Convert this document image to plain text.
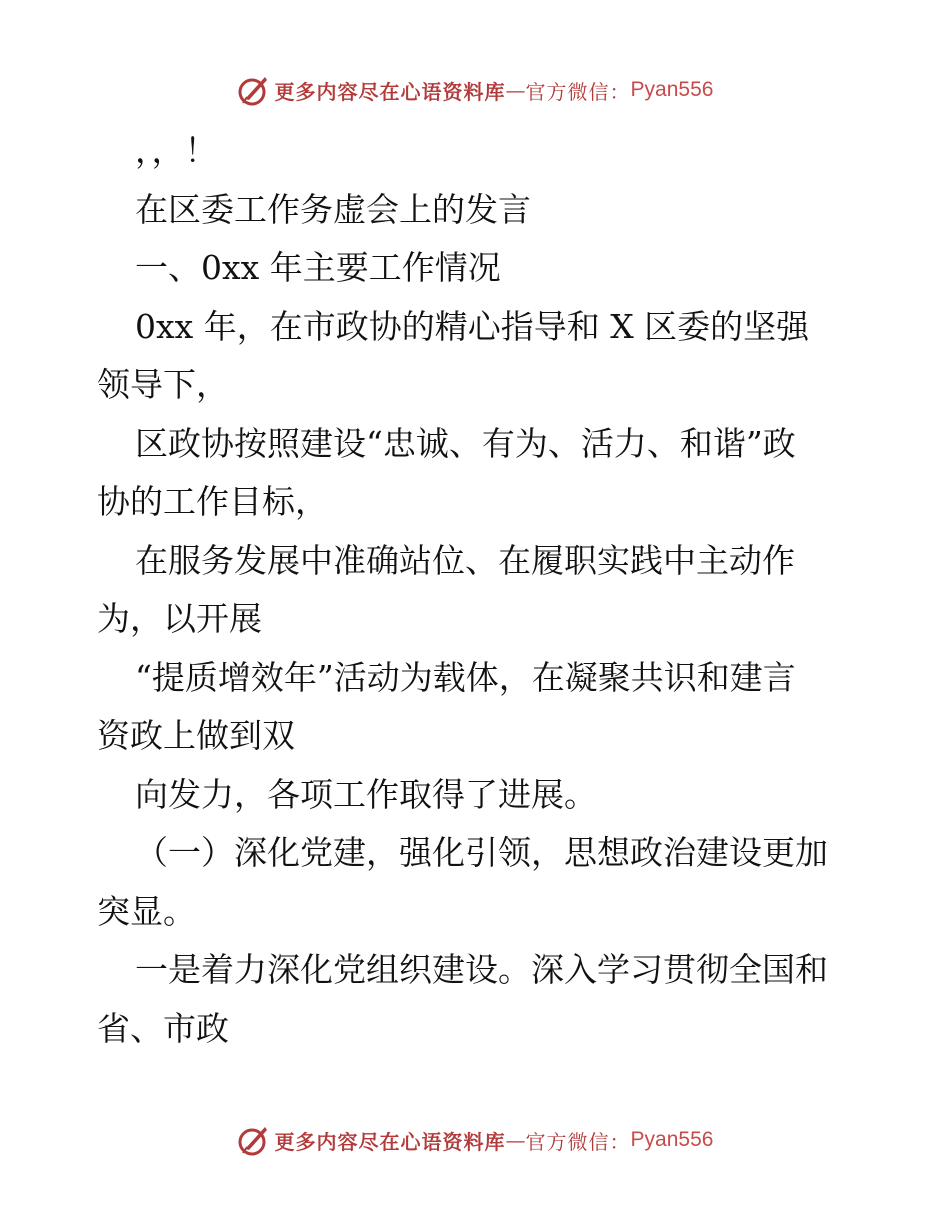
更多内容尽在心语资料库 — 官方微信： Pyan556
，，！
在区委工作务虚会上的发言
一、0xx 年主要工作情况
0xx 年，在市政协的精心指导和 X 区委的坚强
领导下，
区政协按照建设“忠诚、有为、活力、和谐”政
协的工作目标，
在服务发展中准确站位、在履职实践中主动作
为，以开展
“提质增效年”活动为载体，在凝聚共识和建言
资政上做到双
向发力，各项工作取得了进展。
（一）深化党建，强化引领，思想政治建设更加
突显。
一是着力深化党组织建设。深入学习贯彻全国和
省、市政
更多内容尽在心语资料库 — 官方微信： Pyan556
